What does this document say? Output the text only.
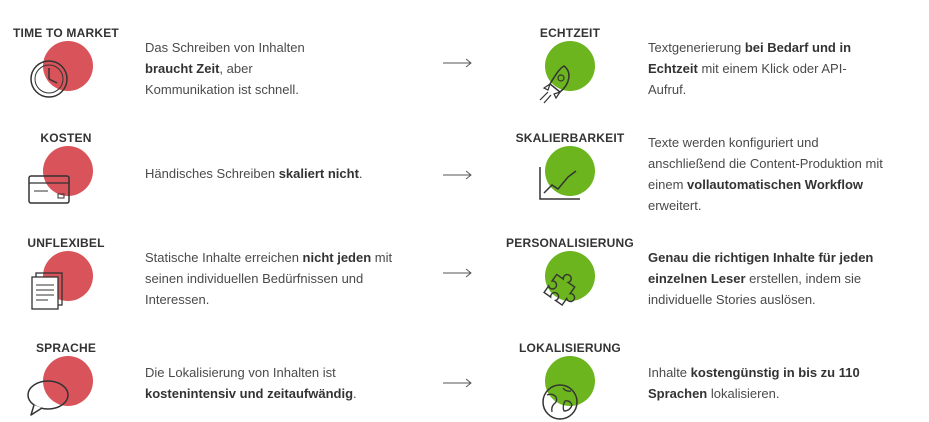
TIME TO MARKET
Das Schreiben von Inhalten braucht Zeit, aber Kommunikation ist schnell.
ECHTZEIT
Textgenerierung bei Bedarf und in Echtzeit mit einem Klick oder API-Aufruf.
KOSTEN
Händisches Schreiben skaliert nicht.
SKALIERBARKEIT	Texte werden konfiguriert und anschließend die Content-Produktion mit einem vollautomatischen Workflow erweitert.
UNFLEXIBEL
Statische Inhalte erreichen nicht jeden mit seinen individuellen Bedürfnissen und Interessen.
PERSONALISIERUNG
Genau die richtigen Inhalte für jeden einzelnen Leser erstellen, indem sie individuelle Stories auslösen.
SPRACHE
Die Lokalisierung von Inhalten ist kostenintensiv und zeitaufwändig.
LOKALISIERUNG
Inhalte kostengünstig in bis zu 110 Sprachen lokalisieren.
